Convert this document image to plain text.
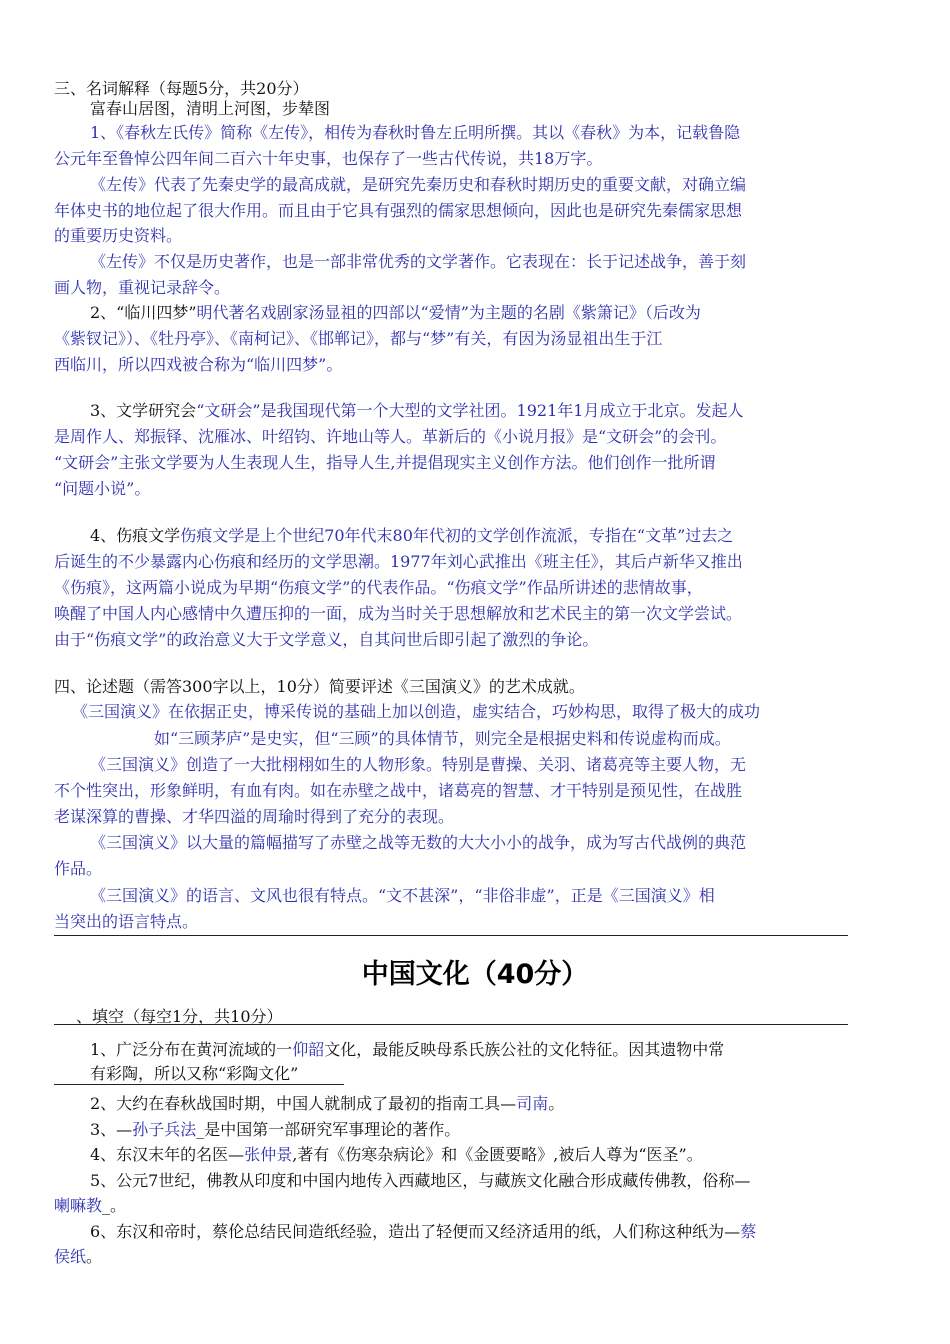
三、名词解释（每题5分，共20分）
富春山居图，清明上河图，步辇图
1、《春秋左氏传》简称《左传》，相传为春秋时鲁左丘明所撰。其以《春秋》为本，记载鲁隐
公元年至鲁悼公四年间二百六十年史事，也保存了一些古代传说，共18万字。
《左传》代表了先秦史学的最高成就，是研究先秦历史和春秋时期历史的重要文献，对确立编
年体史书的地位起了很大作用。而且由于它具有强烈的儒家思想倾向，因此也是研究先秦儒家思想
的重要历史资料。
《左传》不仅是历史著作，也是一部非常优秀的文学著作。它表现在：长于记述战争，善于刻
画人物，重视记录辞令。
2、“临川四梦”明代著名戏剧家汤显祖的四部以“爱情”为主题的名剧《紫箫记》（后改为
《紫钗记》）、《牡丹亭》、《南柯记》、《邯郸记》，都与“梦”有关，有因为汤显祖出生于江
西临川，所以四戏被合称为“临川四梦”。
3、文学研究会“文研会”是我国现代第一个大型的文学社团。1921年1月成立于北京。发起人
是周作人、郑振铎、沈雁冰、叶绍钧、许地山等人。革新后的《小说月报》是“文研会”的会刊。
“文研会”主张文学要为人生表现人生，指导人生,并提倡现实主义创作方法。他们创作一批所谓
“问题小说”。
4、伤痕文学伤痕文学是上个世纪70年代末80年代初的文学创作流派，专指在“文革”过去之
后诞生的不少暴露内心伤痕和经历的文学思潮。1977年刘心武推出《班主任》，其后卢新华又推出
《伤痕》，这两篇小说成为早期“伤痕文学”的代表作品。“伤痕文学”作品所讲述的悲情故事，
唤醒了中国人内心感情中久遭压抑的一面，成为当时关于思想解放和艺术民主的第一次文学尝试。
由于“伤痕文学”的政治意义大于文学意义，自其问世后即引起了激烈的争论。
四、论述题（需答300字以上，10分）简要评述《三国演义》的艺术成就。
《三国演义》在依据正史，博采传说的基础上加以创造，虚实结合，巧妙构思，取得了极大的成功
如“三顾茅庐”是史实，但“三顾”的具体情节，则完全是根据史料和传说虚构而成。
《三国演义》创造了一大批栩栩如生的人物形象。特别是曹操、关羽、诸葛亮等主要人物，无
不个性突出，形象鲜明，有血有肉。如在赤壁之战中，诸葛亮的智慧、才干特别是预见性，在战胜
老谋深算的曹操、才华四溢的周瑜时得到了充分的表现。
《三国演义》以大量的篇幅描写了赤壁之战等无数的大大小小的战争，成为写古代战例的典范
作品。
《三国演义》的语言、文风也很有特点。“文不甚深”，“非俗非虚”，正是《三国演义》相
当突出的语言特点。
中国文化（40分）
、填空（每空1分，共10分）
1、广泛分布在黄河流域的一仰韶文化，最能反映母系氏族公社的文化特征。因其遗物中常
有彩陶，所以又称“彩陶文化”
2、大约在春秋战国时期，中国人就制成了最初的指南工具—司南。
3、—孙子兵法_是中国第一部研究军事理论的著作。
4、东汉末年的名医—张仲景,著有《伤寒杂病论》和《金匮要略》,被后人尊为“医圣”。
5、公元7世纪，佛教从印度和中国内地传入西藏地区，与藏族文化融合形成藏传佛教，俗称—
喇嘛教_。
6、东汉和帝时，蔡伦总结民间造纸经验，造出了轻便而又经济适用的纸，人们称这种纸为—蔡
侯纸。
